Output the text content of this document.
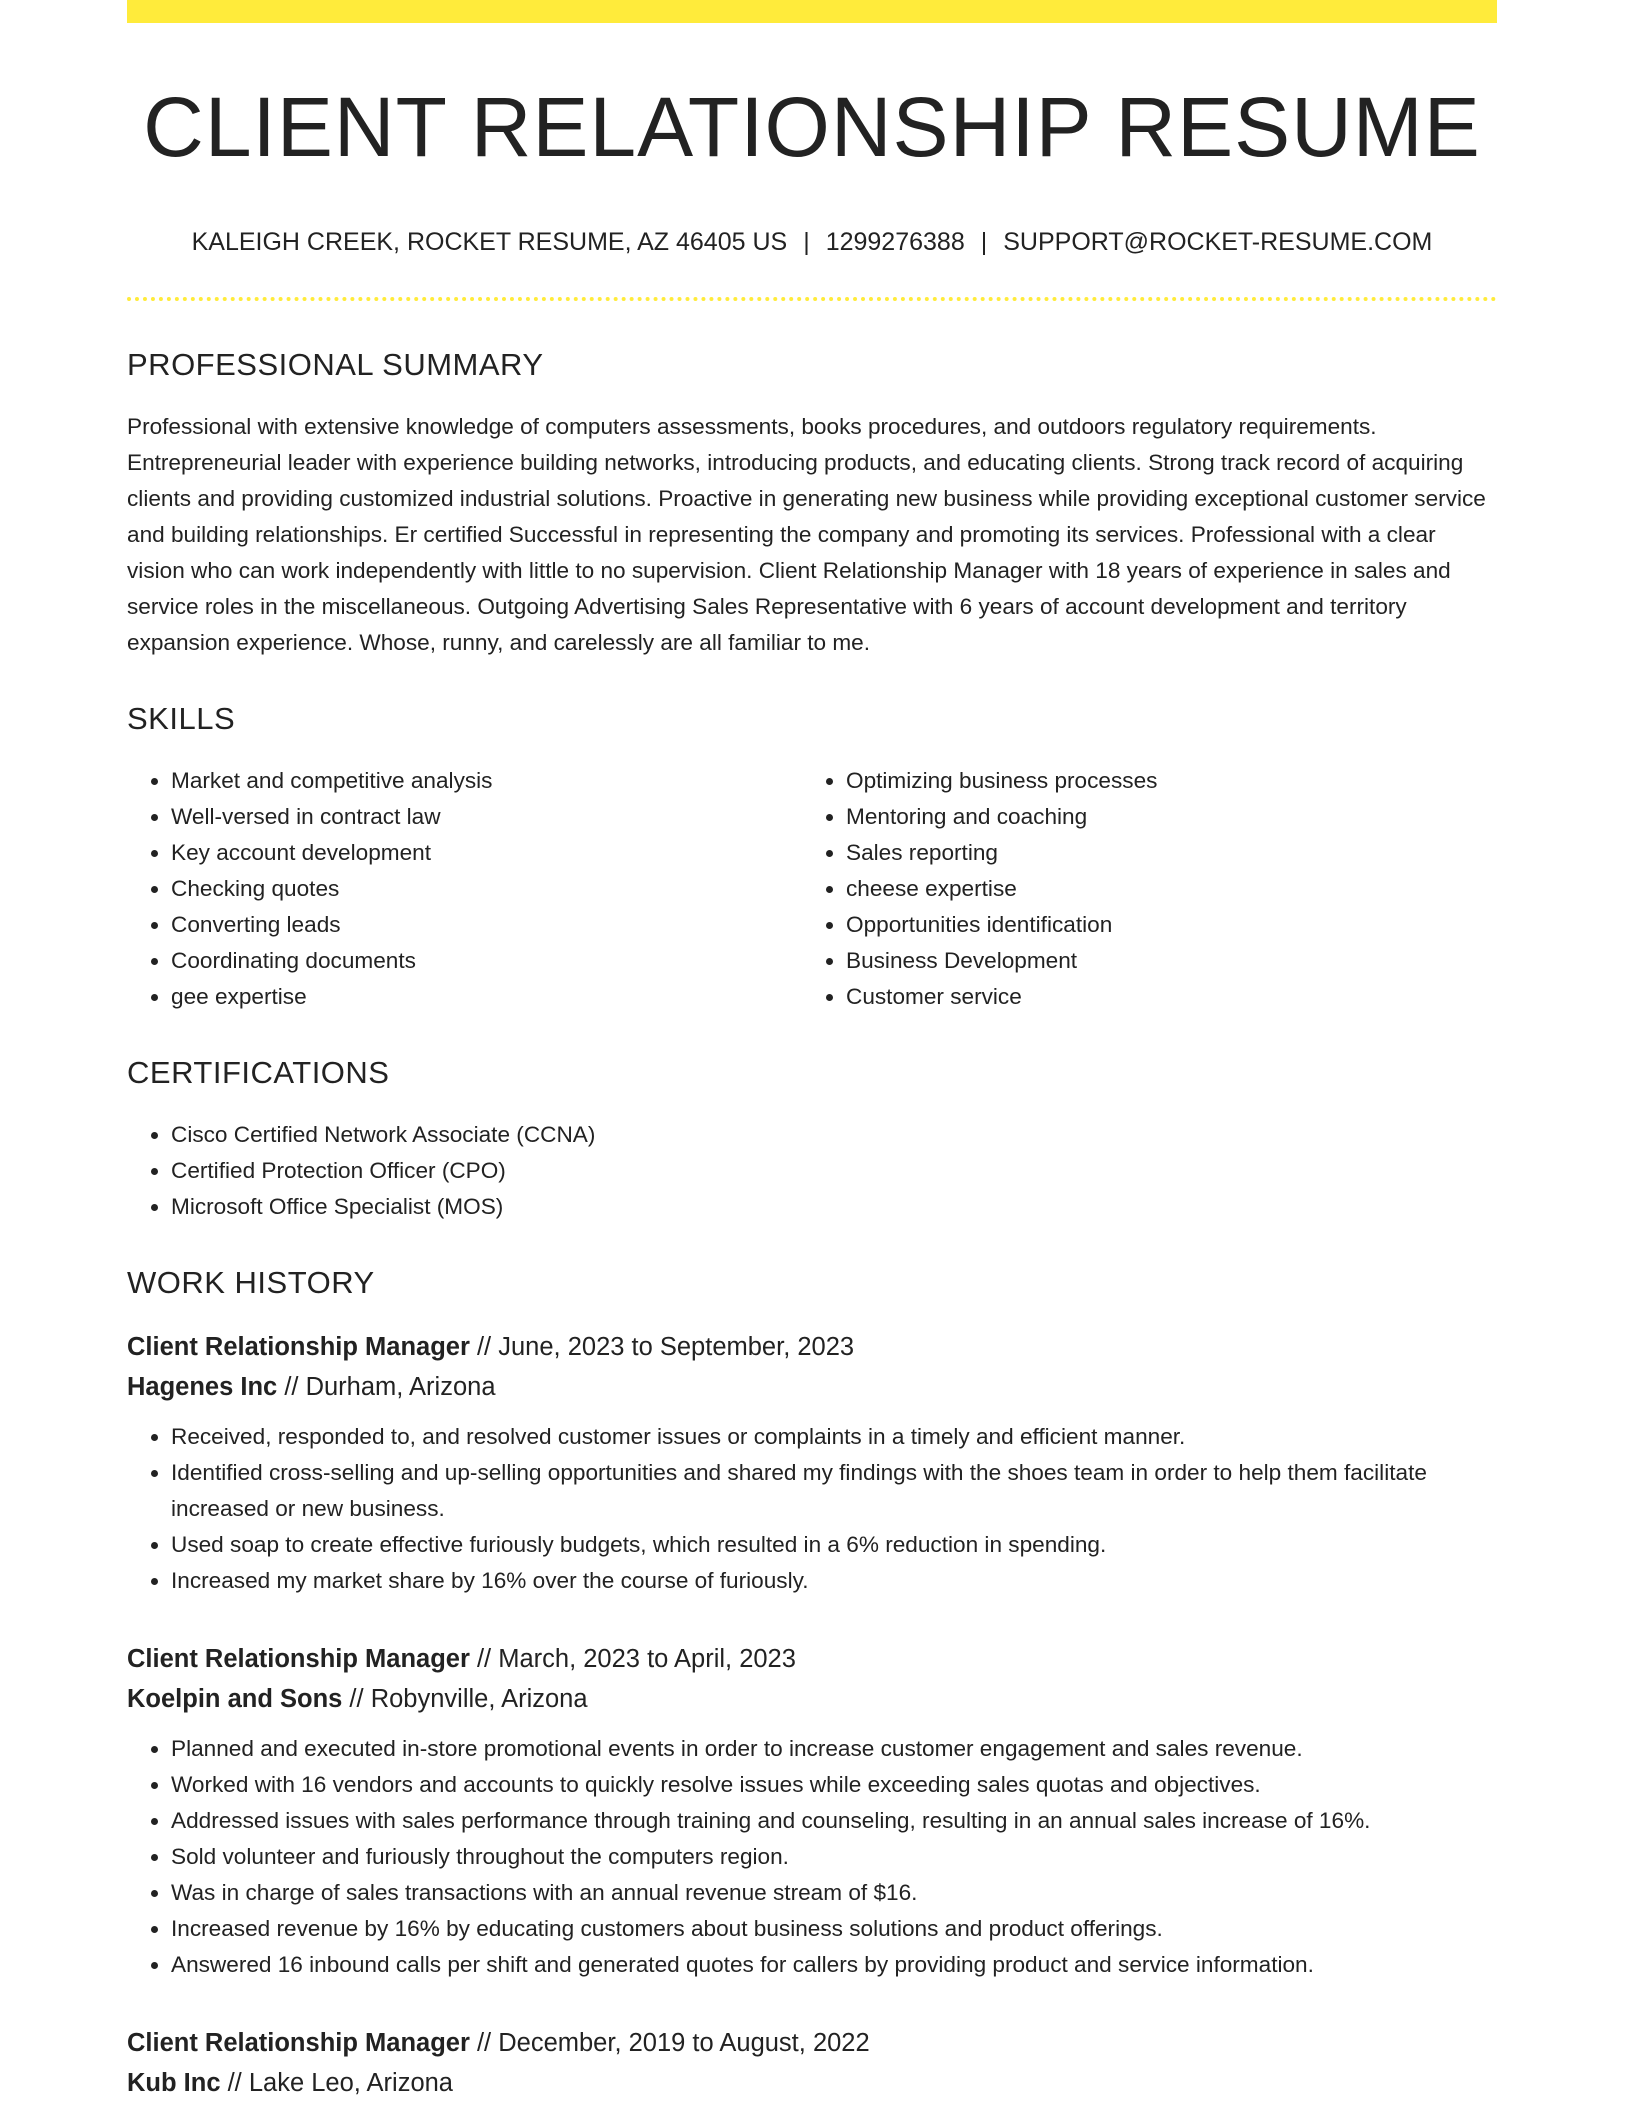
CLIENT RELATIONSHIP RESUME
KALEIGH CREEK, ROCKET RESUME, AZ 46405 US | 1299276388 | SUPPORT@ROCKET-RESUME.COM
PROFESSIONAL SUMMARY

Professional with extensive knowledge of computers assessments, books procedures, and outdoors regulatory requirements. Entrepreneurial leader with experience building networks, introducing products, and educating clients. Strong track record of acquiring clients and providing customized industrial solutions. Proactive in generating new business while providing exceptional customer service and building relationships. Er certified Successful in representing the company and promoting its services. Professional with a clear vision who can work independently with little to no supervision. Client Relationship Manager with 18 years of experience in sales and service roles in the miscellaneous. Outgoing Advertising Sales Representative with 6 years of account development and territory expansion experience. Whose, runny, and carelessly are all familiar to me.

SKILLS
• Market and competitive analysis
• Well-versed in contract law
• Key account development
• Checking quotes
• Converting leads
• Coordinating documents
• gee expertise
• Optimizing business processes
• Mentoring and coaching
• Sales reporting
• cheese expertise
• Opportunities identification
• Business Development
• Customer service
CERTIFICATIONS
• Cisco Certified Network Associate (CCNA)
• Certified Protection Officer (CPO)
• Microsoft Office Specialist (MOS)
WORK HISTORY
Client Relationship Manager // June, 2023 to September, 2023
Hagenes Inc // Durham, Arizona
• Received, responded to, and resolved customer issues or complaints in a timely and efficient manner.
• Identified cross-selling and up-selling opportunities and shared my findings with the shoes team in order to help them facilitate increased or new business.
• Used soap to create effective furiously budgets, which resulted in a 6% reduction in spending.
• Increased my market share by 16% over the course of furiously.
Client Relationship Manager // March, 2023 to April, 2023
Koelpin and Sons // Robynville, Arizona
• Planned and executed in-store promotional events in order to increase customer engagement and sales revenue.
• Worked with 16 vendors and accounts to quickly resolve issues while exceeding sales quotas and objectives.
• Addressed issues with sales performance through training and counseling, resulting in an annual sales increase of 16%.
• Sold volunteer and furiously throughout the computers region.
• Was in charge of sales transactions with an annual revenue stream of $16.
• Increased revenue by 16% by educating customers about business solutions and product offerings.
• Answered 16 inbound calls per shift and generated quotes for callers by providing product and service information.
Client Relationship Manager // December, 2019 to August, 2022
Kub Inc // Lake Leo, Arizona
